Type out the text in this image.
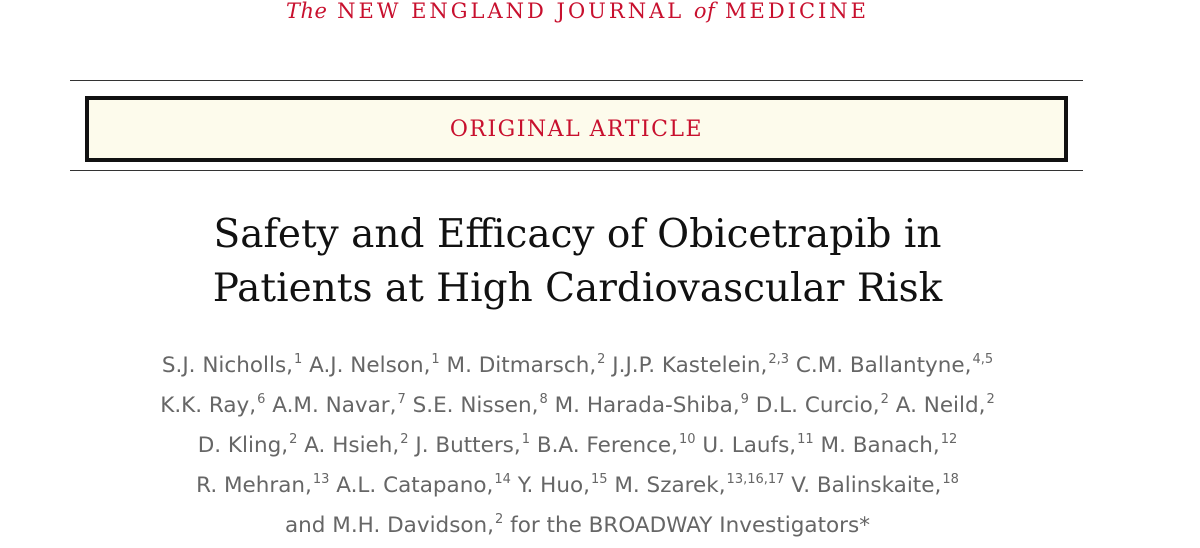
The NEW ENGLAND JOURNAL of MEDICINE
ORIGINAL ARTICLE
Safety and Efficacy of Obicetrapib in
Patients at High Cardiovascular Risk
S.J. Nicholls,$^1$ A.J. Nelson,$^1$ M. Ditmarsch,$^2$ J.J.P. Kastelein,$^{2,3}$ C.M. Ballantyne,$^{4,5}$
K.K. Ray,$^6$ A.M. Navar,$^7$ S.E. Nissen,$^8$ M. Harada-Shiba,$^9$ D.L. Curcio,$^2$ A. Neild,$^2$
D. Kling,$^2$ A. Hsieh,$^2$ J. Butters,$^1$ B.A. Ference,$^{10}$ U. Laufs,$^{11}$ M. Banach,$^{12}$
R. Mehran,$^{13}$ A.L. Catapano,$^{14}$ Y. Huo,$^{15}$ M. Szarek,$^{13,16,17}$ V. Balinskaite,$^{18}$
and M.H. Davidson,$^2$ for the BROADWAY Investigators*
